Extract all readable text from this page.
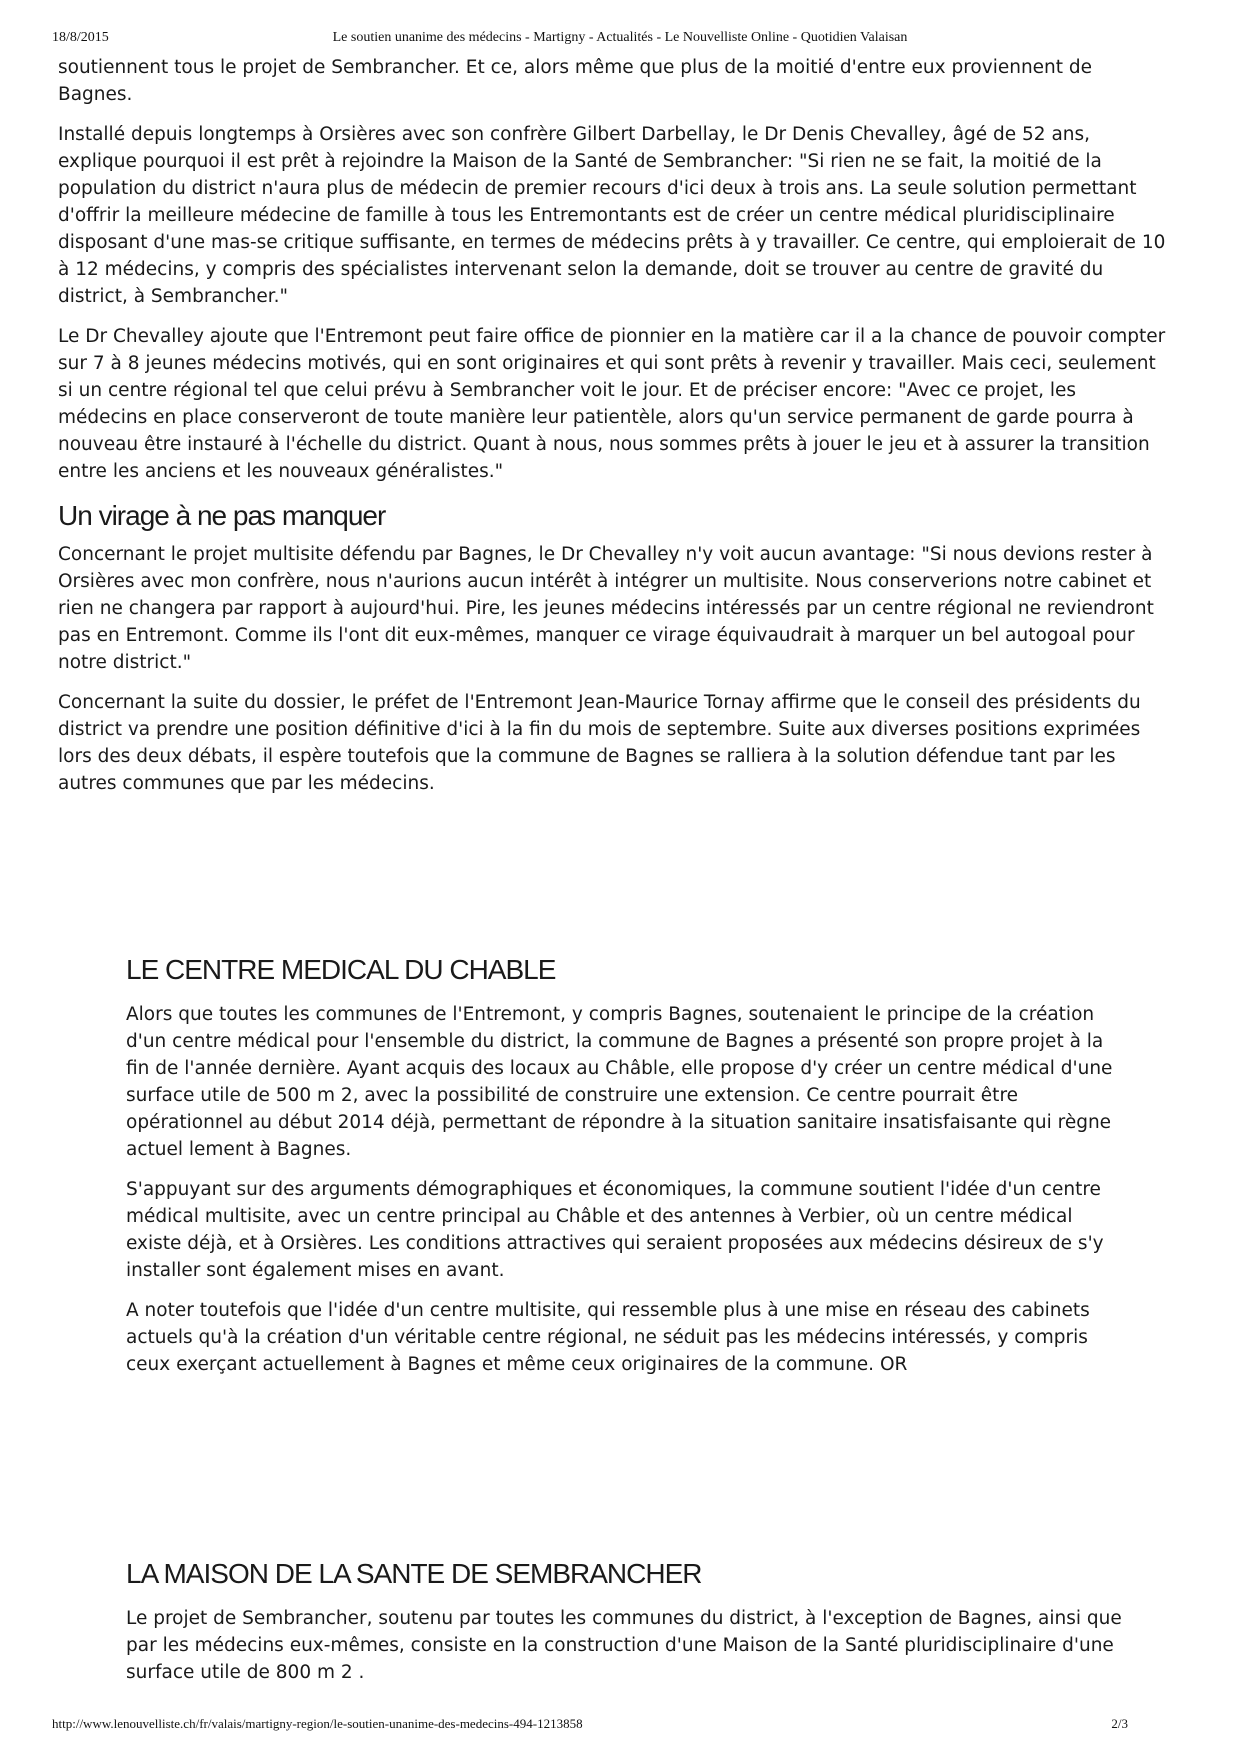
18/8/2015	Le soutien unanime des médecins - Martigny - Actualités - Le Nouvelliste Online - Quotidien Valaisan

soutiennent tous le projet de Sembrancher. Et ce, alors même que plus de la moitié d'entre eux proviennent de Bagnes.

Installé depuis longtemps à Orsières avec son confrère Gilbert Darbellay, le Dr Denis Chevalley, âgé de 52 ans, explique pourquoi il est prêt à rejoindre la Maison de la Santé de Sembrancher: "Si rien ne se fait, la moitié de la population du district n'aura plus de médecin de premier recours d'ici deux à trois ans. La seule solution permettant d'offrir la meilleure médecine de famille à tous les Entremontants est de créer un centre médical pluridisciplinaire disposant d'une mas-se critique suffisante, en termes de médecins prêts à y travailler. Ce centre, qui emploierait de 10 à 12 médecins, y compris des spécialistes intervenant selon la demande, doit se trouver au centre de gravité du district, à Sembrancher."

Le Dr Chevalley ajoute que l'Entremont peut faire office de pionnier en la matière car il a la chance de pouvoir compter sur 7 à 8 jeunes médecins motivés, qui en sont originaires et qui sont prêts à revenir y travailler. Mais ceci, seulement si un centre régional tel que celui prévu à Sembrancher voit le jour. Et de préciser encore: "Avec ce projet, les médecins en place conserveront de toute manière leur patientèle, alors qu'un service permanent de garde pourra à nouveau être instauré à l'échelle du district. Quant à nous, nous sommes prêts à jouer le jeu et à assurer la transition entre les anciens et les nouveaux généralistes."

Un virage à ne pas manquer

Concernant le projet multisite défendu par Bagnes, le Dr Chevalley n'y voit aucun avantage: "Si nous devions rester à Orsières avec mon confrère, nous n'aurions aucun intérêt à intégrer un multisite. Nous conserverions notre cabinet et rien ne changera par rapport à aujourd'hui. Pire, les jeunes médecins intéressés par un centre régional ne reviendront pas en Entremont. Comme ils l'ont dit eux-mêmes, manquer ce virage équivaudrait à marquer un bel autogoal pour notre district."

Concernant la suite du dossier, le préfet de l'Entremont Jean-Maurice Tornay affirme que le conseil des présidents du district va prendre une position définitive d'ici à la fin du mois de septembre. Suite aux diverses positions exprimées lors des deux débats, il espère toutefois que la commune de Bagnes se ralliera à la solution défendue tant par les autres communes que par les médecins.

LE CENTRE MEDICAL DU CHABLE

Alors que toutes les communes de l'Entremont, y compris Bagnes, soutenaient le principe de la création d'un centre médical pour l'ensemble du district, la commune de Bagnes a présenté son propre projet à la fin de l'année dernière. Ayant acquis des locaux au Châble, elle propose d'y créer un centre médical d'une surface utile de 500 m 2, avec la possibilité de construire une extension. Ce centre pourrait être opérationnel au début 2014 déjà, permettant de répondre à la situation sanitaire insatisfaisante qui règne actuel lement à Bagnes.

S'appuyant sur des arguments démographiques et économiques, la commune soutient l'idée d'un centre médical multisite, avec un centre principal au Châble et des antennes à Verbier, où un centre médical existe déjà, et à Orsières. Les conditions attractives qui seraient proposées aux médecins désireux de s'y installer sont également mises en avant.

A noter toutefois que l'idée d'un centre multisite, qui ressemble plus à une mise en réseau des cabinets actuels qu'à la création d'un véritable centre régional, ne séduit pas les médecins intéressés, y compris ceux exerçant actuellement à Bagnes et même ceux originaires de la commune. OR

LA MAISON DE LA SANTE DE SEMBRANCHER

Le projet de Sembrancher, soutenu par toutes les communes du district, à l'exception de Bagnes, ainsi que par les médecins eux-mêmes, consiste en la construction d'une Maison de la Santé pluridisciplinaire d'une surface utile de 800 m 2 .

http://www.lenouvelliste.ch/fr/valais/martigny-region/le-soutien-unanime-des-medecins-494-1213858	2/3
